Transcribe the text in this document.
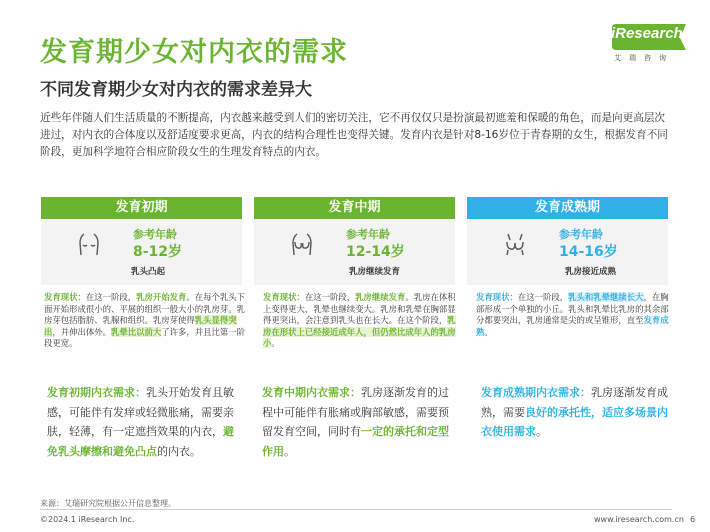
发育期少女对内衣的需求
不同发育期少女对内衣的需求差异大
iResearch
艾瑞咨询
近些年伴随人们生活质量的不断提高，内衣越来越受到人们的密切关注，它不再仅仅只是扮演最初遮羞和保暖的角色，而是向更高层次进过，对内衣的合体度以及舒适度要求更高，内衣的结构合理性也变得关键。发育内衣是针对8-16岁位于青春期的女生，根据发育不同阶段，更加科学地符合相应阶段女生的生理发育特点的内衣。
发育初期
参考年龄
8-12岁
乳头凸起
发育中期
参考年龄
12-14岁
乳房继续发育
发育成熟期
参考年龄
14-16岁
乳房接近成熟
发育现状：在这一阶段，乳房开始发育。在每个乳头下面开始形成很小的、平展的组织一般大小的乳房芽。乳房芽包括脂肪、乳腺和组织。乳房芽使得乳头显得突出，并伸出体外。乳晕比以前大了许多，并且比第一阶段更宽。
发育现状：在这一阶段，乳房继续发育。乳房在体积上变得更大，乳晕也继续变大。乳房和乳晕在胸部显得更突出，会注意到乳头也在长大。在这个阶段，乳房在形状上已经接近成年人，但仍然比成年人的乳房小。
发育现状：在这一阶段，乳头和乳晕继续长大，在胸部形成一个单独的小丘。乳头和乳晕比乳房的其余部分都要突出，乳房通常是尖的或呈锥形，直至发育成熟。
发育初期内衣需求：乳头开始发育且敏感，可能伴有发痒或轻微胀痛，需要亲肤，轻薄，有一定遮挡效果的内衣，避免乳头摩擦和避免凸点的内衣。
发育中期内衣需求：乳房逐渐发育的过程中可能伴有胀痛或胸部敏感，需要预留发育空间，同时有一定的承托和定型作用。
发育成熟期内衣需求：乳房逐渐发育成熟，需要良好的承托性，适应多场景内衣使用需求。
来源：艾瑞研究院根据公开信息整理。
©2024.1 iResearch Inc.	www.iresearch.com.cn 6
